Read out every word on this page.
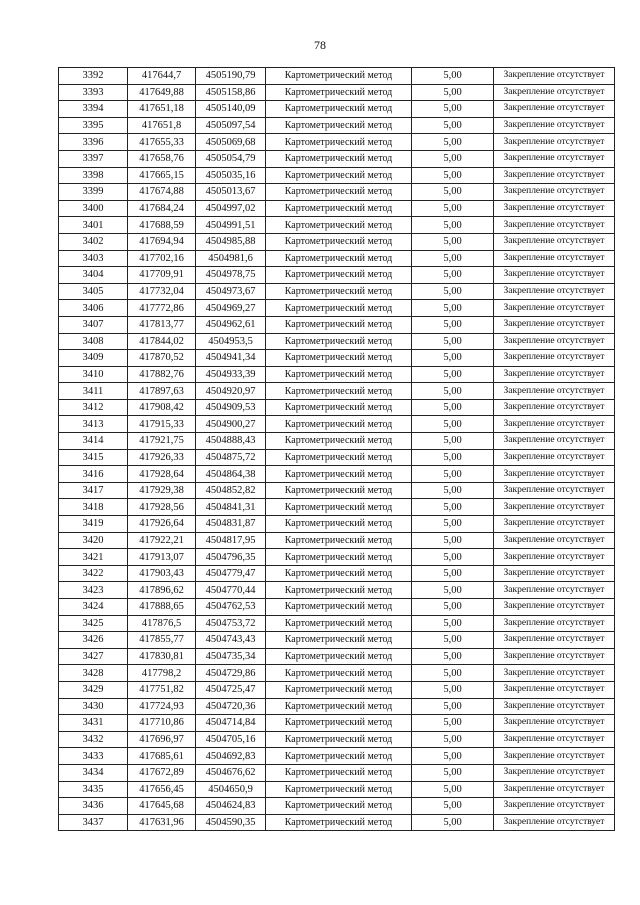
78
3392	417644,7	4505190,79	Картометрический метод	5,00	Закрепление отсутствует
3393	417649,88	4505158,86	Картометрический метод	5,00	Закрепление отсутствует
3394	417651,18	4505140,09	Картометрический метод	5,00	Закрепление отсутствует
3395	417651,8	4505097,54	Картометрический метод	5,00	Закрепление отсутствует
3396	417655,33	4505069,68	Картометрический метод	5,00	Закрепление отсутствует
3397	417658,76	4505054,79	Картометрический метод	5,00	Закрепление отсутствует
3398	417665,15	4505035,16	Картометрический метод	5,00	Закрепление отсутствует
3399	417674,88	4505013,67	Картометрический метод	5,00	Закрепление отсутствует
3400	417684,24	4504997,02	Картометрический метод	5,00	Закрепление отсутствует
3401	417688,59	4504991,51	Картометрический метод	5,00	Закрепление отсутствует
3402	417694,94	4504985,88	Картометрический метод	5,00	Закрепление отсутствует
3403	417702,16	4504981,6	Картометрический метод	5,00	Закрепление отсутствует
3404	417709,91	4504978,75	Картометрический метод	5,00	Закрепление отсутствует
3405	417732,04	4504973,67	Картометрический метод	5,00	Закрепление отсутствует
3406	417772,86	4504969,27	Картометрический метод	5,00	Закрепление отсутствует
3407	417813,77	4504962,61	Картометрический метод	5,00	Закрепление отсутствует
3408	417844,02	4504953,5	Картометрический метод	5,00	Закрепление отсутствует
3409	417870,52	4504941,34	Картометрический метод	5,00	Закрепление отсутствует
3410	417882,76	4504933,39	Картометрический метод	5,00	Закрепление отсутствует
3411	417897,63	4504920,97	Картометрический метод	5,00	Закрепление отсутствует
3412	417908,42	4504909,53	Картометрический метод	5,00	Закрепление отсутствует
3413	417915,33	4504900,27	Картометрический метод	5,00	Закрепление отсутствует
3414	417921,75	4504888,43	Картометрический метод	5,00	Закрепление отсутствует
3415	417926,33	4504875,72	Картометрический метод	5,00	Закрепление отсутствует
3416	417928,64	4504864,38	Картометрический метод	5,00	Закрепление отсутствует
3417	417929,38	4504852,82	Картометрический метод	5,00	Закрепление отсутствует
3418	417928,56	4504841,31	Картометрический метод	5,00	Закрепление отсутствует
3419	417926,64	4504831,87	Картометрический метод	5,00	Закрепление отсутствует
3420	417922,21	4504817,95	Картометрический метод	5,00	Закрепление отсутствует
3421	417913,07	4504796,35	Картометрический метод	5,00	Закрепление отсутствует
3422	417903,43	4504779,47	Картометрический метод	5,00	Закрепление отсутствует
3423	417896,62	4504770,44	Картометрический метод	5,00	Закрепление отсутствует
3424	417888,65	4504762,53	Картометрический метод	5,00	Закрепление отсутствует
3425	417876,5	4504753,72	Картометрический метод	5,00	Закрепление отсутствует
3426	417855,77	4504743,43	Картометрический метод	5,00	Закрепление отсутствует
3427	417830,81	4504735,34	Картометрический метод	5,00	Закрепление отсутствует
3428	417798,2	4504729,86	Картометрический метод	5,00	Закрепление отсутствует
3429	417751,82	4504725,47	Картометрический метод	5,00	Закрепление отсутствует
3430	417724,93	4504720,36	Картометрический метод	5,00	Закрепление отсутствует
3431	417710,86	4504714,84	Картометрический метод	5,00	Закрепление отсутствует
3432	417696,97	4504705,16	Картометрический метод	5,00	Закрепление отсутствует
3433	417685,61	4504692,83	Картометрический метод	5,00	Закрепление отсутствует
3434	417672,89	4504676,62	Картометрический метод	5,00	Закрепление отсутствует
3435	417656,45	4504650,9	Картометрический метод	5,00	Закрепление отсутствует
3436	417645,68	4504624,83	Картометрический метод	5,00	Закрепление отсутствует
3437	417631,96	4504590,35	Картометрический метод	5,00	Закрепление отсутствует
